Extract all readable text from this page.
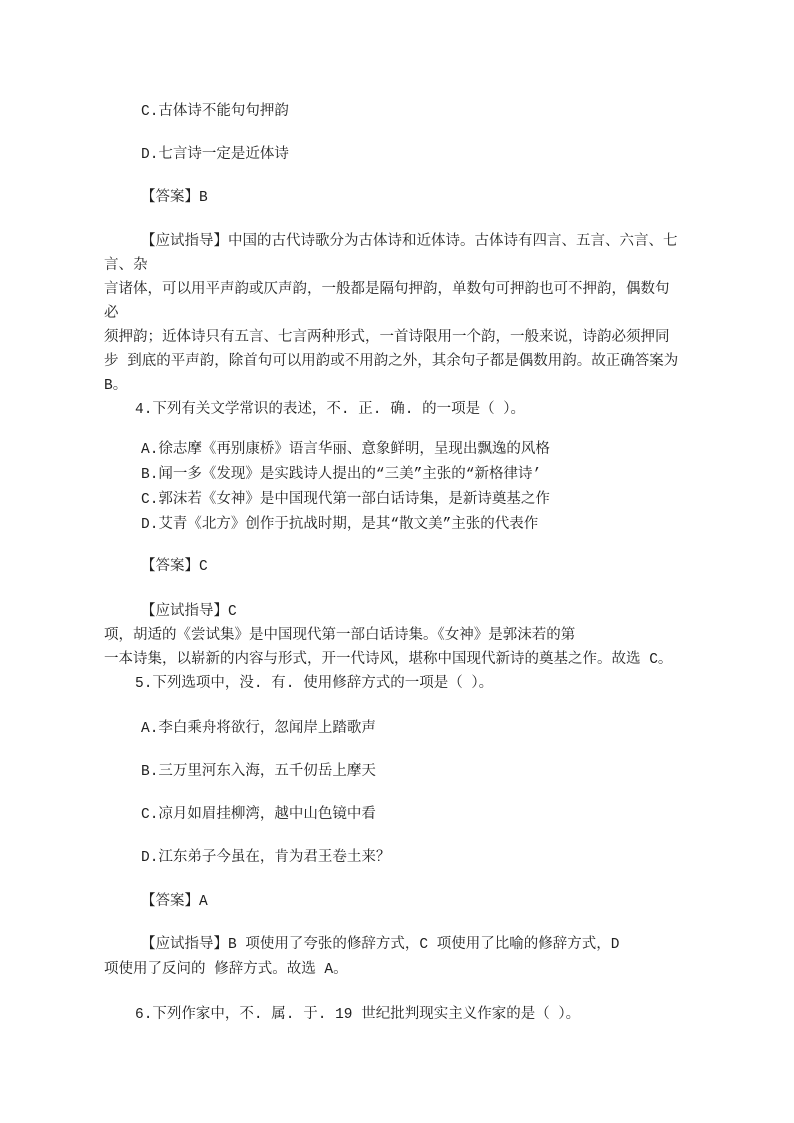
C.古体诗不能句句押韵
D.七言诗一定是近体诗
【答案】B
【应试指导】中国的古代诗歌分为古体诗和近体诗。古体诗有四言、五言、六言、七
言、杂
言诸体，可以用平声韵或仄声韵，一般都是隔句押韵，单数句可押韵也可不押韵，偶数句
必
须押韵；近体诗只有五言、七言两种形式，一首诗限用一个韵，一般来说，诗韵必须押同
步 到底的平声韵，除首句可以用韵或不用韵之外，其余句子都是偶数用韵。故正确答案为
B。
4.下列有关文学常识的表述，不. 正. 确. 的一项是（ ）。
A.徐志摩《再别康桥》语言华丽、意象鲜明，呈现出飘逸的风格
B.闻一多《发现》是实践诗人提出的“三美”主张的“新格律诗’
C.郭沫若《女神》是中国现代第一部白话诗集，是新诗奠基之作
D.艾青《北方》创作于抗战时期，是其“散文美”主张的代表作
【答案】C
【应试指导】C
项，胡适的《尝试集》是中国现代第一部白话诗集。《女神》是郭沫若的第
一本诗集，以崭新的内容与形式，开一代诗风，堪称中国现代新诗的奠基之作。故选 C。
5.下列选项中，没. 有. 使用修辞方式的一项是（ ）。
A.李白乘舟将欲行，忽闻岸上踏歌声
B.三万里河东入海，五千仞岳上摩天
C.凉月如眉挂柳湾，越中山色镜中看
D.江东弟子今虽在，肯为君王卷土来？
【答案】A
【应试指导】B 项使用了夸张的修辞方式，C 项使用了比喻的修辞方式，D
项使用了反问的 修辞方式。故选 A。
6.下列作家中，不. 属. 于. 19 世纪批判现实主义作家的是（ ）。
